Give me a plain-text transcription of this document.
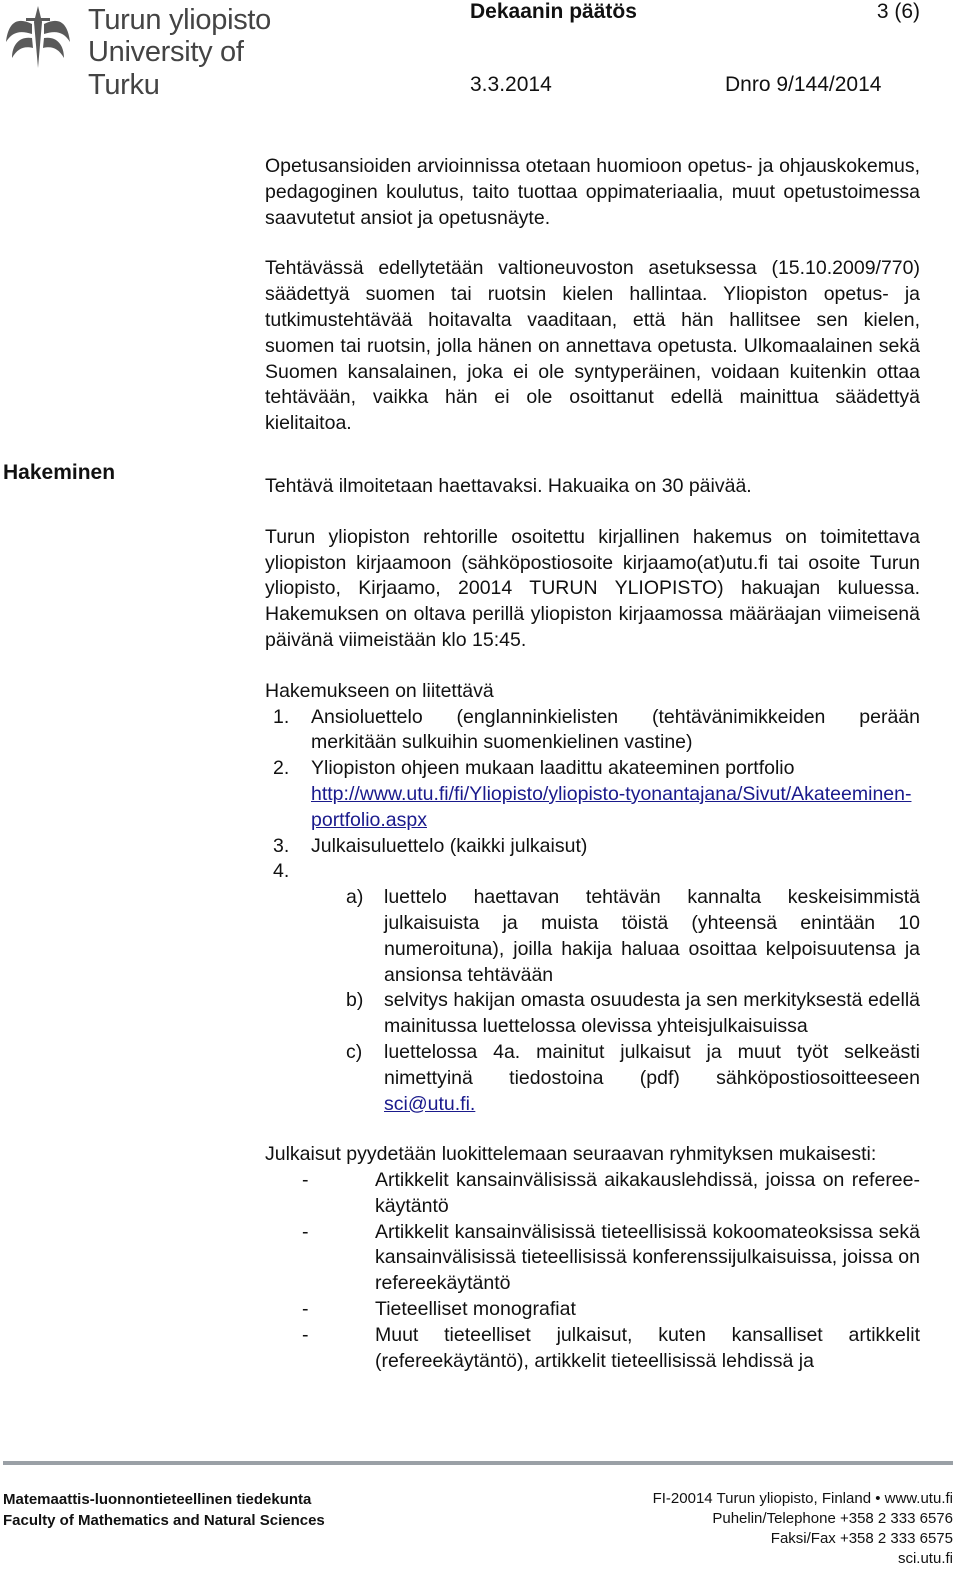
Turun yliopisto
University of Turku
Dekaanin päätös	3 (6)
3.3.2014	Dnro 9/144/2014
Hakeminen

Opetusansioiden arvioinnissa otetaan huomioon opetus- ja ohjauskokemus, pedagoginen koulutus, taito tuottaa oppimateriaalia, muut opetustoimessa saavutetut ansiot ja opetusnäyte.

Tehtävässä edellytetään valtioneuvoston asetuksessa (15.10.2009/770) säädettyä suomen tai ruotsin kielen hallintaa. Yliopiston opetus- ja tutkimustehtävää hoitavalta vaaditaan, että hän hallitsee sen kielen, suomen tai ruotsin, jolla hänen on annettava opetusta. Ulkomaalainen sekä Suomen kansalainen, joka ei ole syntyperäinen, voidaan kuitenkin ottaa tehtävään, vaikka hän ei ole osoittanut edellä mainittua säädettyä kielitaitoa.

Tehtävä ilmoitetaan haettavaksi. Hakuaika on 30 päivää.

Turun yliopiston rehtorille osoitettu kirjallinen hakemus on toimitettava yliopiston kirjaamoon (sähköpostiosoite kirjaamo(at)utu.fi tai osoite Turun yliopisto, Kirjaamo, 20014 TURUN YLIOPISTO) hakuajan kuluessa. Hakemuksen on oltava perillä yliopiston kirjaamossa määräajan viimeisenä päivänä viimeistään klo 15:45.

Hakemukseen on liitettävä

1. Ansioluettelo (englanninkielisten (tehtävänimikkeiden perään merkitään sulkuihin suomenkielinen vastine)
2. Yliopiston ohjeen mukaan laaditt﻿u akateeminen portfolio
http://www.utu.fi/fi/Yliopisto/yliopisto-tyonantajana/Sivut/Akateeminen-portfolio.aspx
3. Julkaisuluettelo (kaikki julkaisut)
4.

a) luettelo haettavan tehtävän kannalta keskeisimmistä julkaisuista ja muista töistä (yhteensä enintään 10 numeroituna), joilla hakija haluaa osoittaa kelpoisuutensa ja ansionsa tehtävään
b) selvitys hakijan omasta osuudesta ja sen merkityksestä edellä mainitussa luettelossa olevissa yhteisjulkaisuissa
c) luettelossa 4a. mainitut julkaisut ja muut työt selkeästi nimettyinä tiedostoina (pdf) sähköpostiosoitteeseen sci@utu.fi.

Julkaisut pyydetään luokittelemaan seuraavan ryhmityksen mukaisesti:

-	Artikkelit kansainvälisissä aikakauslehdissä, joissa on referee-käytäntö
-	Artikkelit kansainvälisissä tieteellisissä kokoomateoksissa sekä kansainvälisissä tieteellisissä konferenssijulkaisuissa, joissa on refereekäytäntö
-	Tieteelliset monografiat
-	Muut tieteelliset julkaisut, kuten kansalliset artikkelit (refereekäytäntö), artikkelit tieteellisissä lehdissä ja
Matemaattis-luonnontieteellinen tiedekunta
Faculty of Mathematics and Natural Sciences
FI-20014 Turun yliopisto, Finland • www.utu.fi
Puhelin/Telephone +358 2 333 6576
Faksi/Fax +358 2 333 6575
sci.utu.fi
